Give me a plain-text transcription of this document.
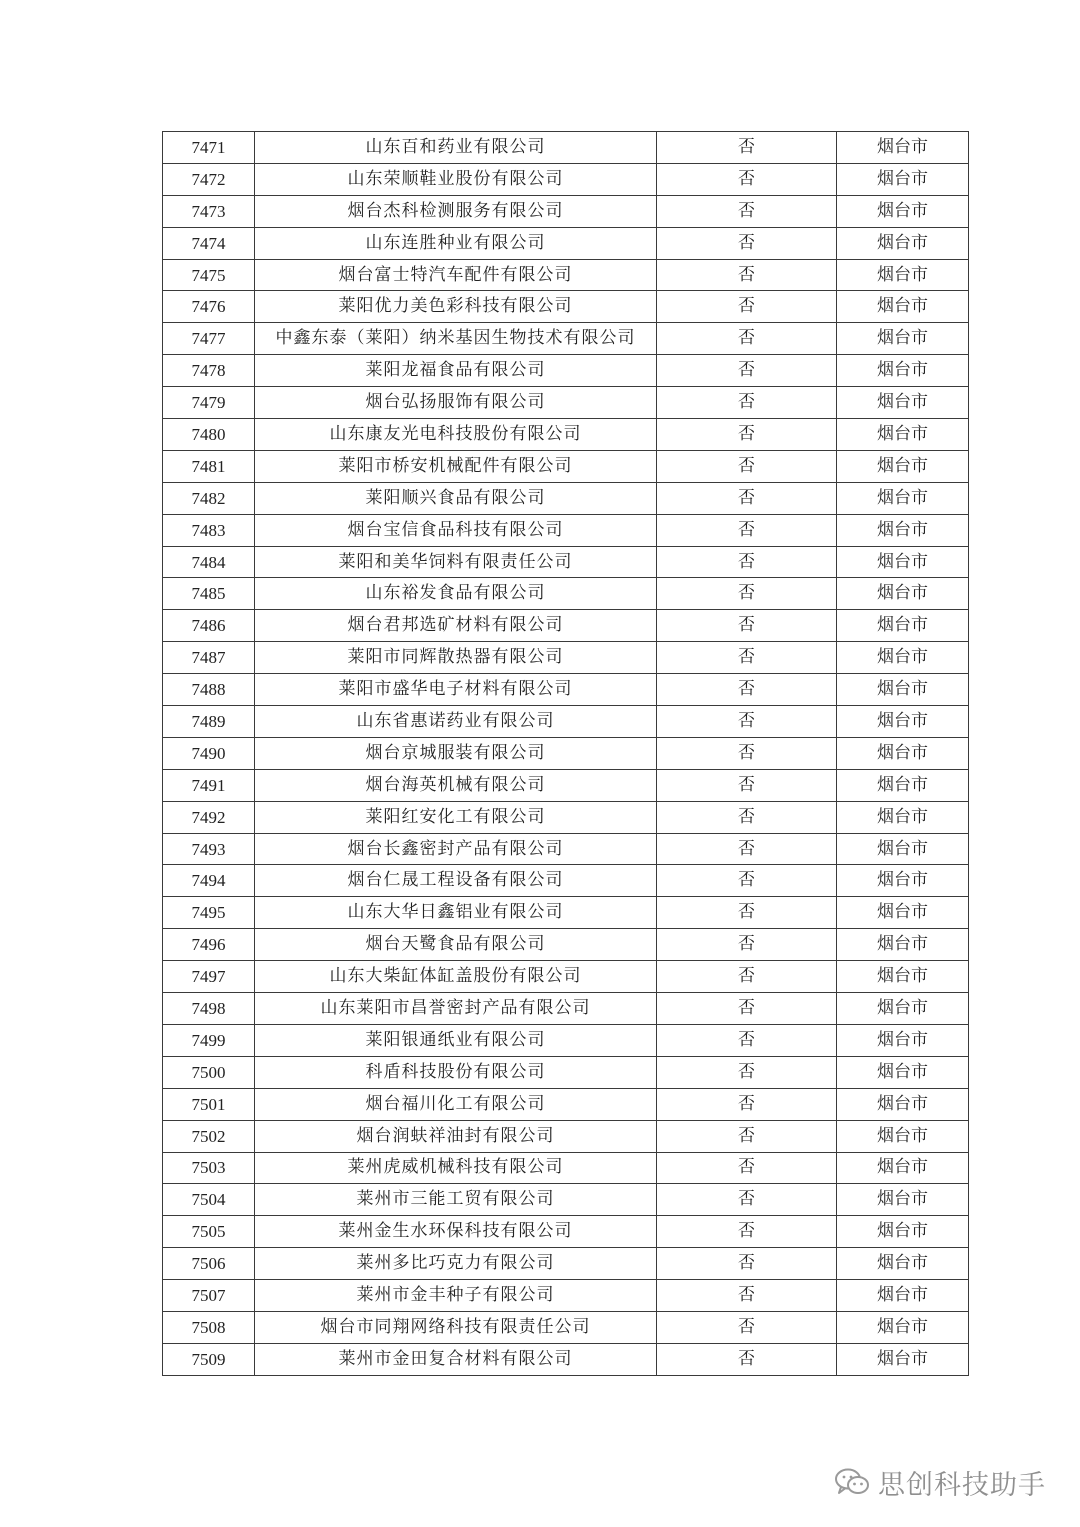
7471	山东百和药业有限公司	否	烟台市
7472	山东荣顺鞋业股份有限公司	否	烟台市
7473	烟台杰科检测服务有限公司	否	烟台市
7474	山东连胜种业有限公司	否	烟台市
7475	烟台富士特汽车配件有限公司	否	烟台市
7476	莱阳优力美色彩科技有限公司	否	烟台市
7477	中鑫东泰（莱阳）纳米基因生物技术有限公司	否	烟台市
7478	莱阳龙福食品有限公司	否	烟台市
7479	烟台弘扬服饰有限公司	否	烟台市
7480	山东康友光电科技股份有限公司	否	烟台市
7481	莱阳市桥安机械配件有限公司	否	烟台市
7482	莱阳顺兴食品有限公司	否	烟台市
7483	烟台宝信食品科技有限公司	否	烟台市
7484	莱阳和美华饲料有限责任公司	否	烟台市
7485	山东裕发食品有限公司	否	烟台市
7486	烟台君邦选矿材料有限公司	否	烟台市
7487	莱阳市同辉散热器有限公司	否	烟台市
7488	莱阳市盛华电子材料有限公司	否	烟台市
7489	山东省惠诺药业有限公司	否	烟台市
7490	烟台京城服装有限公司	否	烟台市
7491	烟台海英机械有限公司	否	烟台市
7492	莱阳红安化工有限公司	否	烟台市
7493	烟台长鑫密封产品有限公司	否	烟台市
7494	烟台仁晟工程设备有限公司	否	烟台市
7495	山东大华日鑫铝业有限公司	否	烟台市
7496	烟台天鹭食品有限公司	否	烟台市
7497	山东大柴缸体缸盖股份有限公司	否	烟台市
7498	山东莱阳市昌誉密封产品有限公司	否	烟台市
7499	莱阳银通纸业有限公司	否	烟台市
7500	科盾科技股份有限公司	否	烟台市
7501	烟台福川化工有限公司	否	烟台市
7502	烟台润蚨祥油封有限公司	否	烟台市
7503	莱州虎威机械科技有限公司	否	烟台市
7504	莱州市三能工贸有限公司	否	烟台市
7505	莱州金生水环保科技有限公司	否	烟台市
7506	莱州多比巧克力有限公司	否	烟台市
7507	莱州市金丰种子有限公司	否	烟台市
7508	烟台市同翔网络科技有限责任公司	否	烟台市
7509	莱州市金田复合材料有限公司	否	烟台市
思创科技助手
